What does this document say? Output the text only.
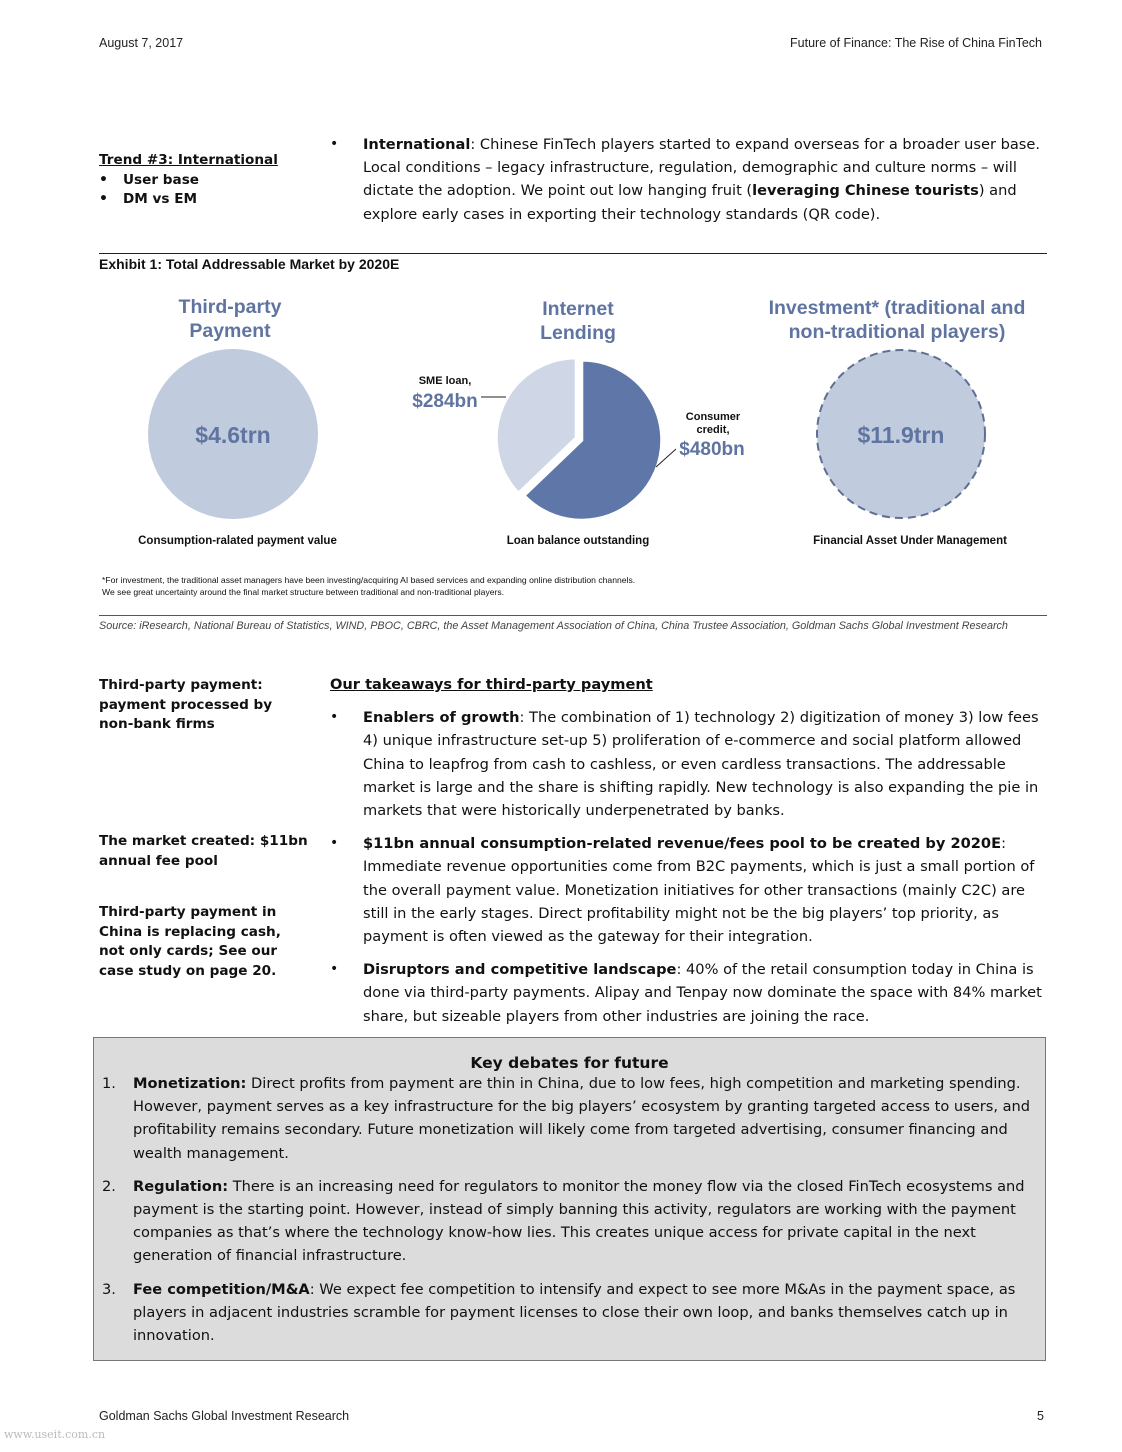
August 7, 2017	Future of Finance: The Rise of China FinTech
Trend #3: International
• User base
• DM vs EM
• International: Chinese FinTech players started to expand overseas for a broader user base. Local conditions – legacy infrastructure, regulation, demographic and culture norms – will dictate the adoption. We point out low hanging fruit (leveraging Chinese tourists) and explore early cases in exporting their technology standards (QR code).
Exhibit 1: Total Addressable Market by 2020E
Third-party
Payment
$4.6trn
Consumption-ralated payment value
Internet
Lending
SME loan,
$284bn
Consumer
credit,
$480bn
Loan balance outstanding
Investment* (traditional and
non-traditional players)
$11.9trn
Financial Asset Under Management
*For investment, the traditional asset managers have been investing/acquiring AI based services and expanding online distribution channels.
We see great uncertainty around the final market structure between traditional and non-traditional players.
Source: iResearch, National Bureau of Statistics, WIND, PBOC, CBRC, the Asset Management Association of China, China Trustee Association, Goldman Sachs Global Investment Research
Third-party payment: payment processed by non-bank firms
The market created: $11bn annual fee pool
Third-party payment in China is replacing cash, not only cards; See our case study on page 20.
Our takeaways for third-party payment
• Enablers of growth: The combination of 1) technology 2) digitization of money 3) low fees 4) unique infrastructure set-up 5) proliferation of e-commerce and social platform allowed China to leapfrog from cash to cashless, or even cardless transactions. The addressable market is large and the share is shifting rapidly. New technology is also expanding the pie in markets that were historically underpenetrated by banks.
• $11bn annual consumption-related revenue/fees pool to be created by 2020E: Immediate revenue opportunities come from B2C payments, which is just a small portion of the overall payment value. Monetization initiatives for other transactions (mainly C2C) are still in the early stages. Direct profitability might not be the big players’ top priority, as payment is often viewed as the gateway for their integration.
• Disruptors and competitive landscape: 40% of the retail consumption today in China is done via third-party payments. Alipay and Tenpay now dominate the space with 84% market share, but sizeable players from other industries are joining the race.
Key debates for future
1. Monetization: Direct profits from payment are thin in China, due to low fees, high competition and marketing spending. However, payment serves as a key infrastructure for the big players’ ecosystem by granting targeted access to users, and profitability remains secondary. Future monetization will likely come from targeted advertising, consumer financing and wealth management.
2. Regulation: There is an increasing need for regulators to monitor the money flow via the closed FinTech ecosystems and payment is the starting point. However, instead of simply banning this activity, regulators are working with the payment companies as that’s where the technology know-how lies. This creates unique access for private capital in the next generation of financial infrastructure.
3. Fee competition/M&A: We expect fee competition to intensify and expect to see more M&As in the payment space, as players in adjacent industries scramble for payment licenses to close their own loop, and banks themselves catch up in innovation.
Goldman Sachs Global Investment Research	5
www.useit.com.cn
